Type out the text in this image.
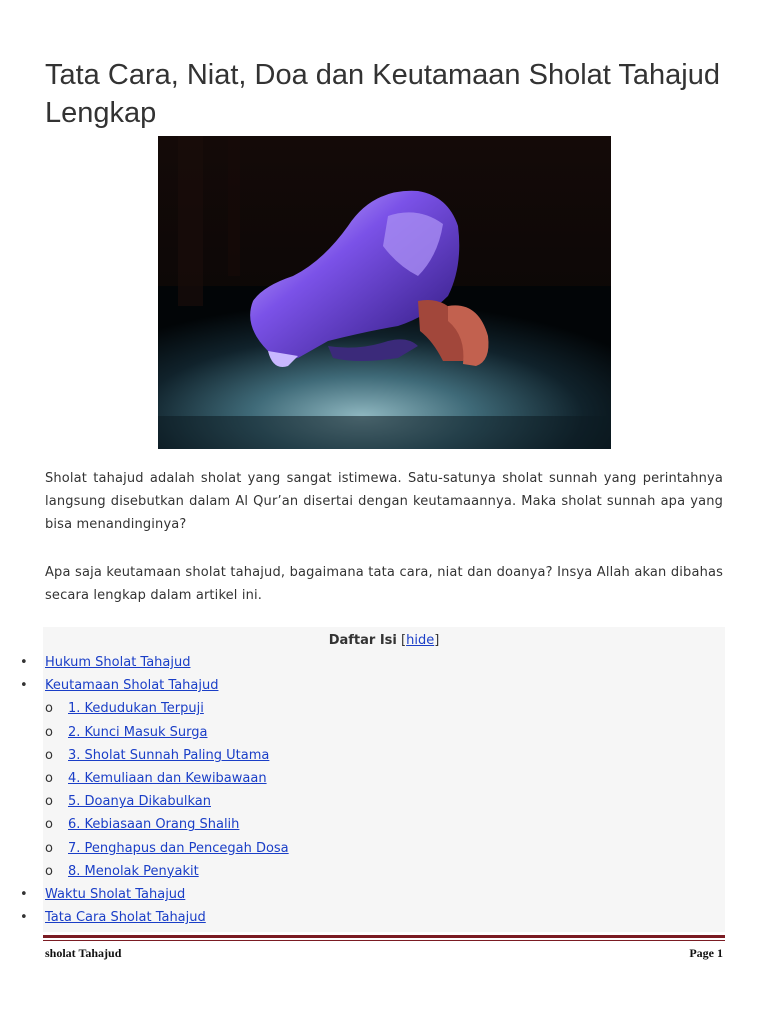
Tata Cara, Niat, Doa dan Keutamaan Sholat Tahajud Lengkap

Sholat tahajud adalah sholat yang sangat istimewa. Satu-satunya sholat sunnah yang perintahnya langsung disebutkan dalam Al Qur’an disertai dengan keutamaannya. Maka sholat sunnah apa yang bisa menandinginya?

Apa saja keutamaan sholat tahajud, bagaimana tata cara, niat dan doanya? Insya Allah akan dibahas secara lengkap dalam artikel ini.

Daftar Isi [hide]
• Hukum Sholat Tahajud
• Keutamaan Sholat Tahajud
o 1. Kedudukan Terpuji
o 2. Kunci Masuk Surga
o 3. Sholat Sunnah Paling Utama
o 4. Kemuliaan dan Kewibawaan
o 5. Doanya Dikabulkan
o 6. Kebiasaan Orang Shalih
o 7. Penghapus dan Pencegah Dosa
o 8. Menolak Penyakit
• Waktu Sholat Tahajud
• Tata Cara Sholat Tahajud
sholat Tahajud	Page 1
